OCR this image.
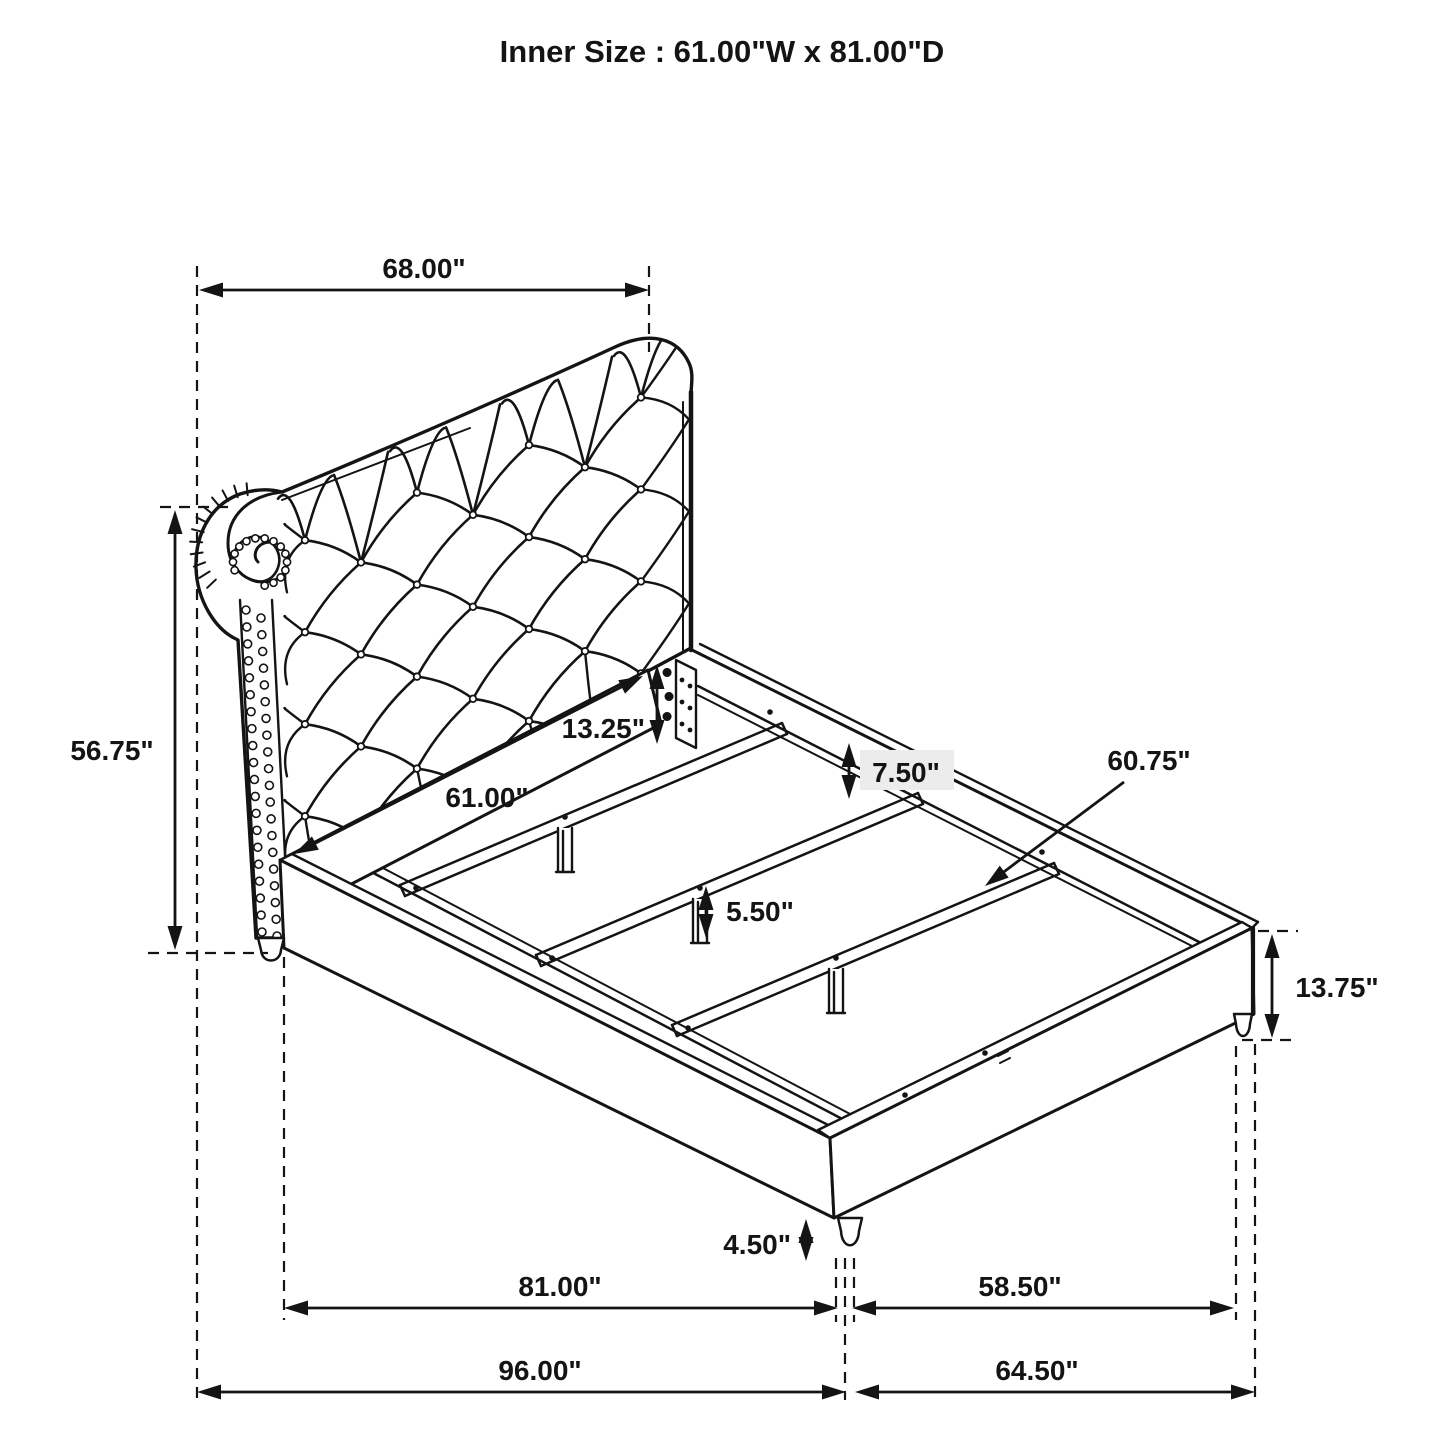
Inner Size : 61.00"W x 81.00"D
68.00"
56.75"
13.25"
61.00"
7.50"	60.75"
5.50"
13.75"
4.50"
81.00"	58.50"
96.00"	64.50"
